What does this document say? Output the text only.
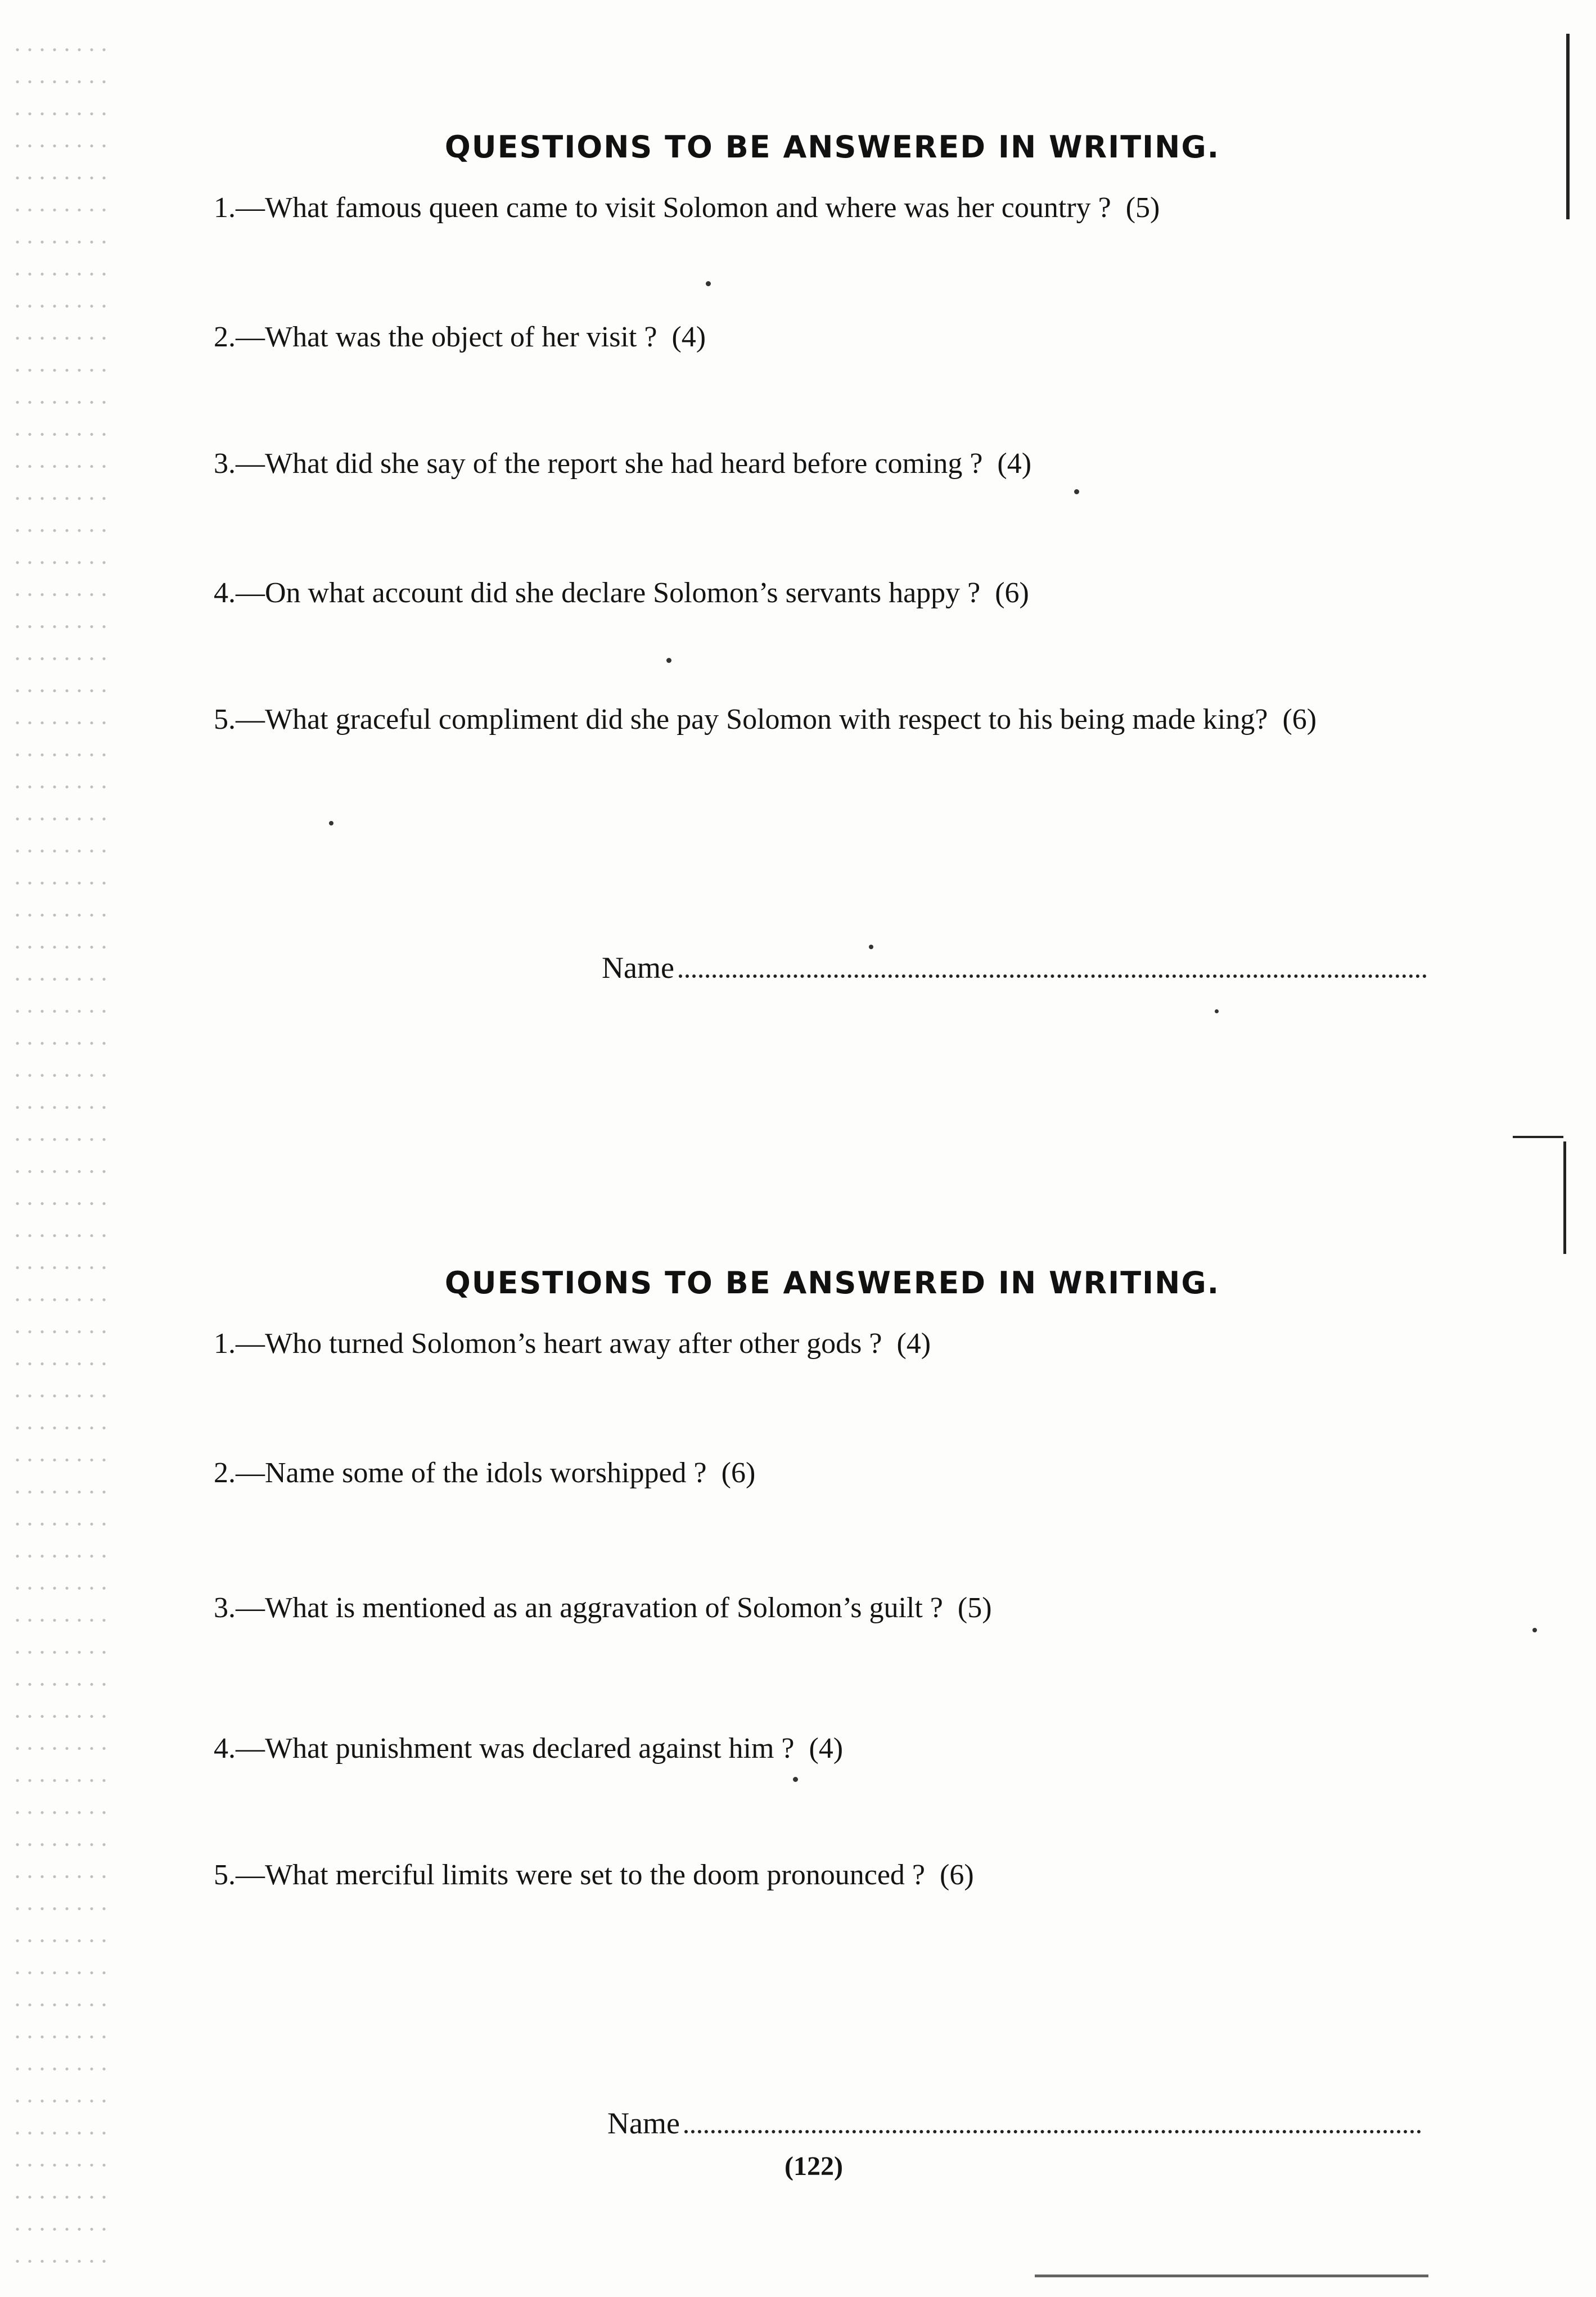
QUESTIONS TO BE ANSWERED IN WRITING.
1.—What famous queen came to visit Solomon and where was her country ? (5)
2.—What was the object of her visit ? (4)
3.—What did she say of the report she had heard before coming ? (4)
4.—On what account did she declare Solomon’s servants happy ? (6)
5.—What graceful compliment did she pay Solomon with respect to his being made king? (6)
Name
QUESTIONS TO BE ANSWERED IN WRITING.
1.—Who turned Solomon’s heart away after other gods ? (4)
2.—Name some of the idols worshipped ? (6)
3.—What is mentioned as an aggravation of Solomon’s guilt ? (5)
4.—What punishment was declared against him ? (4)
5.—What merciful limits were set to the doom pronounced ? (6)
Name
(122)
